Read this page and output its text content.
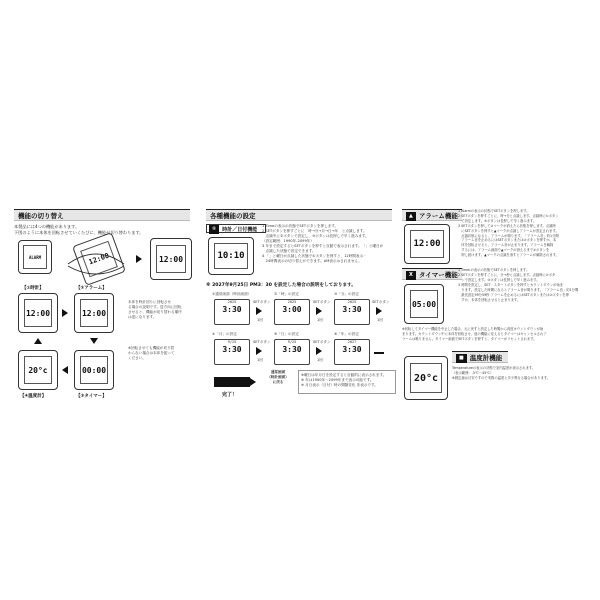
機能の切り替え
本製品には4つの機能があります。
下図のように本体を回転させていくたびに、機能が切り替わります。
ALARM	12:00	12:00
【①時計】
12:00
【②アラーム】
12:00
20°c	00:00
【④温度計】	【③タイマー】
本体を時計回りに回転させ
る場合の説明です。逆方向に回転
させると、機能が切り替わる順序
は逆になります。
※回転させても機能が切り替
わらない場合は本体を振って
ください。
各種機能の設定
① 時計／日付機能
10:10
1 Timeの表示の状態でSETボタンを押します。
2 SETボタンを押すごとに　時→分→月→日→年　と点滅します。
　点滅中に②ボタンで設定し、③ボタンは長押しで早く進みます。
（設定範囲：1990年-2099年）
3 年まで設定するとSETボタンを押すと自動で表示されます。「」と曜日が
　点滅した状態で設定できます。
4 「」と曜日が点滅した状態で①ボタンを押すと、12時間表示・
　24時間表示の切り替えができます。AM表示はされません。
※ 2027年9月25日 PM3：30 を設定した場合の説明をしております。
①通常画面（時計画面）	②「時」の設定	③「分」の設定
2025
3:30
SETボタン
1回
2025
3:00
SETボタン
1回
2025
3:30
SETボタン
1回
④「月」の設定	⑤「日」の設定	⑥「年」の設定
9/25
3:30
SETボタン
1回
9/25
3:30
SETボタン
1回
2027
3:30
完了！
通常画面
（時計画面）
に戻る
※曜日は年月日を設定すると自動的に表示されます。
※ 年は1900年～2099年まで表示可能です。
※ 月日表示（日付）時の間隔変化 非表示です。
▲ アラーム機能
12:00
1 Alarmの表示の状態でSETボタンを押します。
2 SETボタンを押すごとに、時→分と点滅します。点滅時に①ボタン
　で設定します。③ボタンは長押しで早く進みます。
3 SETボタンを押して②マークが消えたら状態を押します。点滅時
　にSETボタンを押すと▲マークが点滅しアラームが設定されます。
　点滅状態になると、アラームが鳴ります。「アラーム音」約1分間
　アラーム音を止めるにはSETボタンまたは②ボタンを押すか、本
　体を回転させると、アラーム音が止まります。アラームを解除
　するには、アラーム画面で▲マークが消えるまで②ボタンを
　押し続けます。▲マークの点滅を消すとアラームが解除されます。
X タイマー機能
05:00
1 Timerの表示の状態でSETボタンを押します。
2 SETボタンを押すごとに、分→秒と点滅します。点滅時に②ボタ
　ンで設定します。③ボタンは長押しで早く進みます。
3 時間を設定し、SET・スタートボタンを押すとカウントダウンが始ま
　ります。設定した時間になるとアラーム音が鳴ります。「アラーム音」約1分間
　最長設定99分59秒 アラームを止めるにはSETボタンまたは②ボタンを押
　すか、本体を回転させると止まります。
※回転してタイマー機能を中止した場合、元に戻すと設定した時間から再度カウントダウンが始
まります。カウントダウン中に本体を回転させ、他の機能に変えるとタイマーはキャンセルされア
ラームは鳴りません。タイマー画面でSETボタンを押すと、タイマーがリセットされます。
■ 温度計機能
20°c
Temperatureの表示の状態で室内温度が表示されます。
（表示範囲：-5℃～45℃）
※測定値は目安ですので実際の温度と多少異なる場合があります。
